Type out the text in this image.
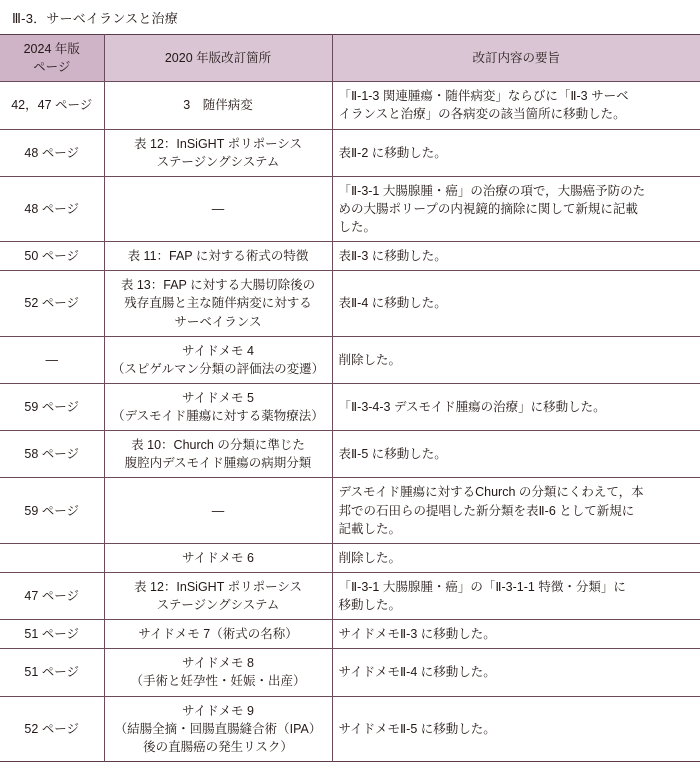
Ⅲ-3．サーベイランスと治療
2024 年版
ページ	2020 年版改訂箇所	改訂内容の要旨

42，47 ページ	3　随伴病変	「Ⅱ-1-3 関連腫瘍・随伴病変」ならびに「Ⅱ-3 サーベ
イランスと治療」の各病変の該当箇所に移動した。

48 ページ	表 12：InSiGHT ポリポーシス
ステージングシステム	表Ⅱ-2 に移動した。

48 ページ	―	「Ⅱ-3-1 大腸腺腫・癌」の治療の項で，大腸癌予防のた
めの大腸ポリープの内視鏡的摘除に関して新規に記載
した。

50 ページ	表 11：FAP に対する術式の特徴	表Ⅱ-3 に移動した。

52 ページ	表 13：FAP に対する大腸切除後の
残存直腸と主な随伴病変に対する
サーベイランス	表Ⅱ-4 に移動した。

―	サイドメモ 4
（スピゲルマン分類の評価法の変遷）	削除した。

59 ページ	サイドメモ 5
（デスモイド腫瘍に対する薬物療法）	「Ⅱ-3-4-3 デスモイド腫瘍の治療」に移動した。

58 ページ	表 10：Church の分類に準じた
腹腔内デスモイド腫瘍の病期分類	表Ⅱ-5 に移動した。

59 ページ	―	デスモイド腫瘍に対するChurch の分類にくわえて，本
邦での石田らの提唱した新分類を表Ⅱ-6 として新規に
記載した。

	サイドメモ 6	削除した。

47 ページ	表 12：InSiGHT ポリポーシス
ステージングシステム	「Ⅱ-3-1 大腸腺腫・癌」の「Ⅱ-3-1-1 特徴・分類」に
移動した。

51 ページ	サイドメモ 7（術式の名称）	サイドメモⅡ-3 に移動した。

51 ページ	サイドメモ 8
（手術と妊孕性・妊娠・出産）	サイドメモⅡ-4 に移動した。

52 ページ	サイドメモ 9
（結腸全摘・回腸直腸縫合術（IPA）
後の直腸癌の発生リスク）	サイドメモⅡ-5 に移動した。
